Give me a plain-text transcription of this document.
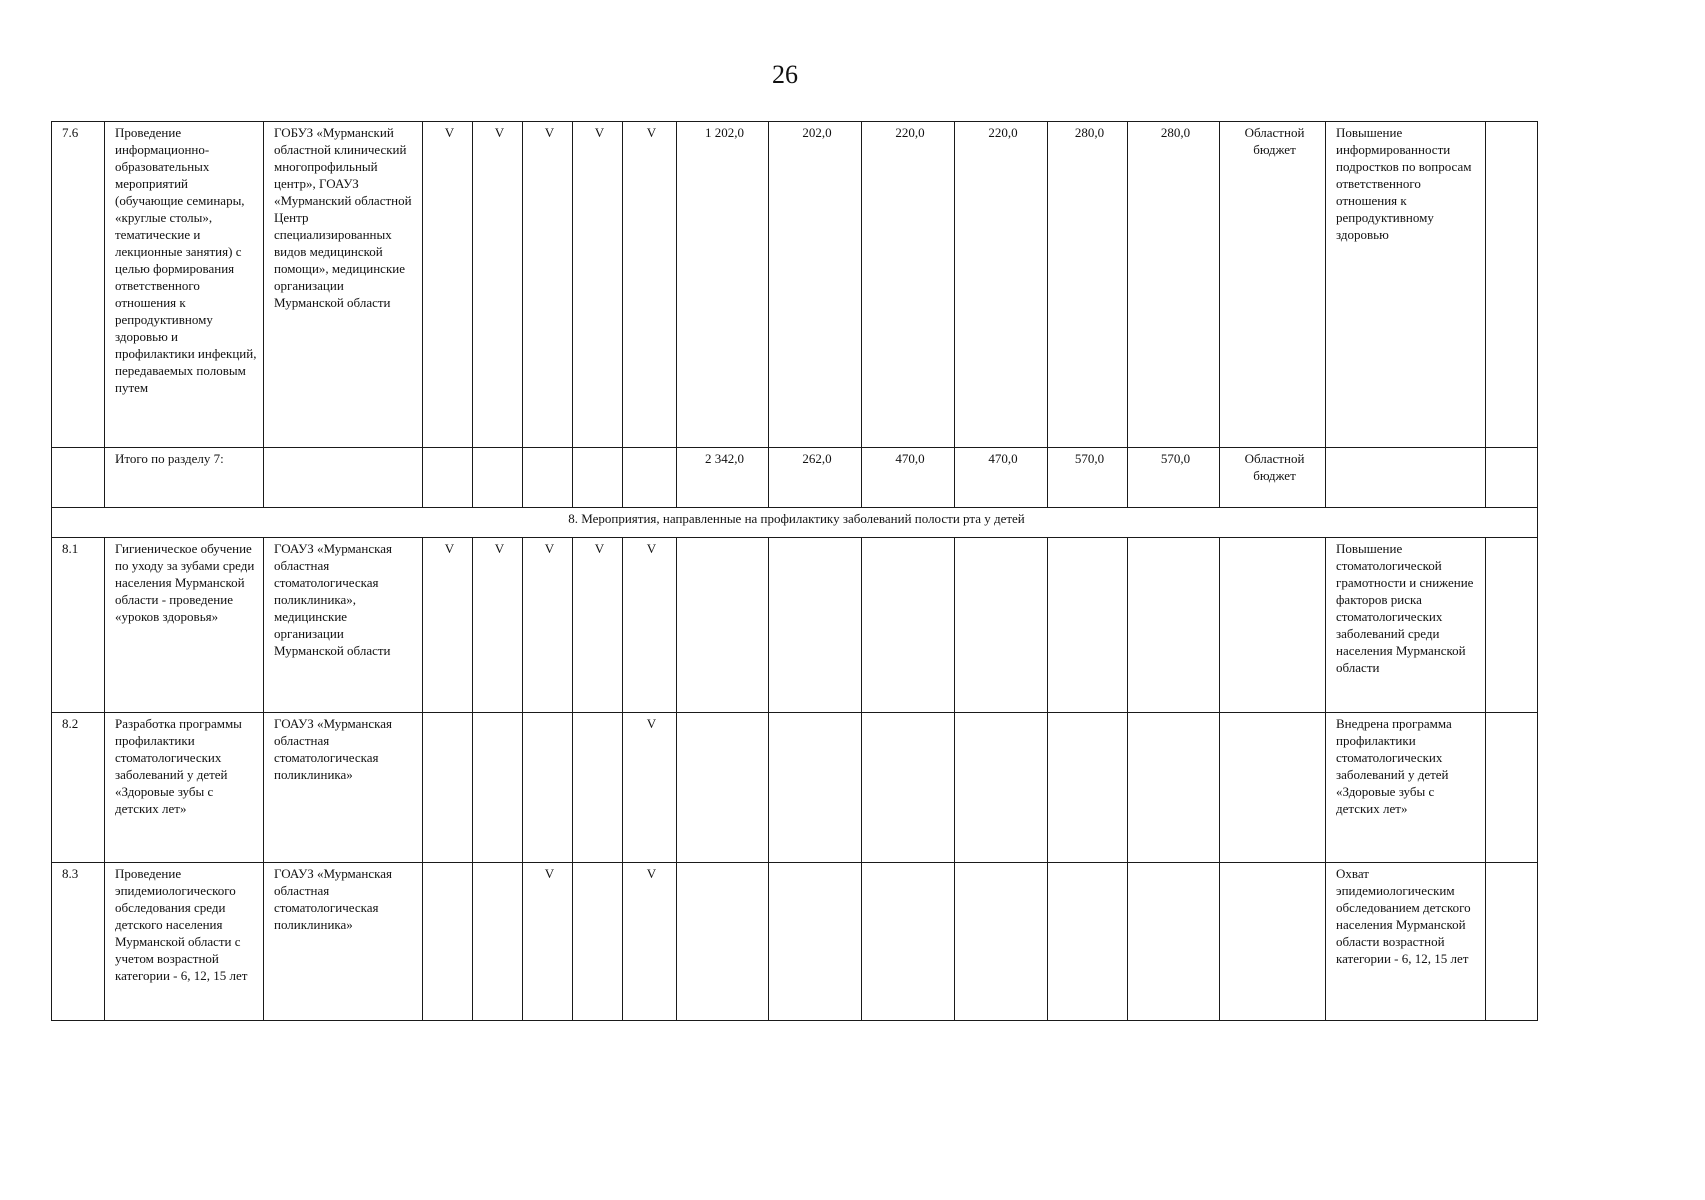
26
7.6	Проведение информационно-образовательных мероприятий (обучающие семинары, «круглые столы», тематические и лекционные занятия) с целью формирования ответственного отношения к репродуктивному здоровью и профилактики инфекций, передаваемых половым путем	ГОБУЗ «Мурманский областной клинический многопрофильный центр», ГОАУЗ «Мурманский областной Центр специализированных видов медицинской помощи», медицинские организации Мурманской области	V	V	V	V	V	1 202,0	202,0	220,0	220,0	280,0	280,0	Областной бюджет	Повышение информированности подростков по вопросам ответственного отношения к репродуктивному здоровью	
	Итого по разделу 7:							2 342,0	262,0	470,0	470,0	570,0	570,0	Областной бюджет		
8. Мероприятия, направленные на профилактику заболеваний полости рта у детей																
8.1	Гигиеническое обучение по уходу за зубами среди населения Мурманской области - проведение «уроков здоровья»	ГОАУЗ «Мурманская областная стоматологическая поликлиника», медицинские организации Мурманской области	V	V	V	V	V								Повышение стоматологической грамотности и снижение факторов риска стоматологических заболеваний среди населения Мурманской области	
8.2	Разработка программы профилактики стоматологических заболеваний у детей «Здоровые зубы с детских лет»	ГОАУЗ «Мурманская областная стоматологическая поликлиника»					V								Внедрена программа профилактики стоматологических заболеваний у детей «Здоровые зубы с детских лет»	
8.3	Проведение эпидемиологического обследования среди детского населения Мурманской области с учетом возрастной категории - 6, 12, 15 лет	ГОАУЗ «Мурманская областная стоматологическая поликлиника»			V		V								Охват эпидемиологическим обследованием детского населения Мурманской области возрастной категории - 6, 12, 15 лет	
